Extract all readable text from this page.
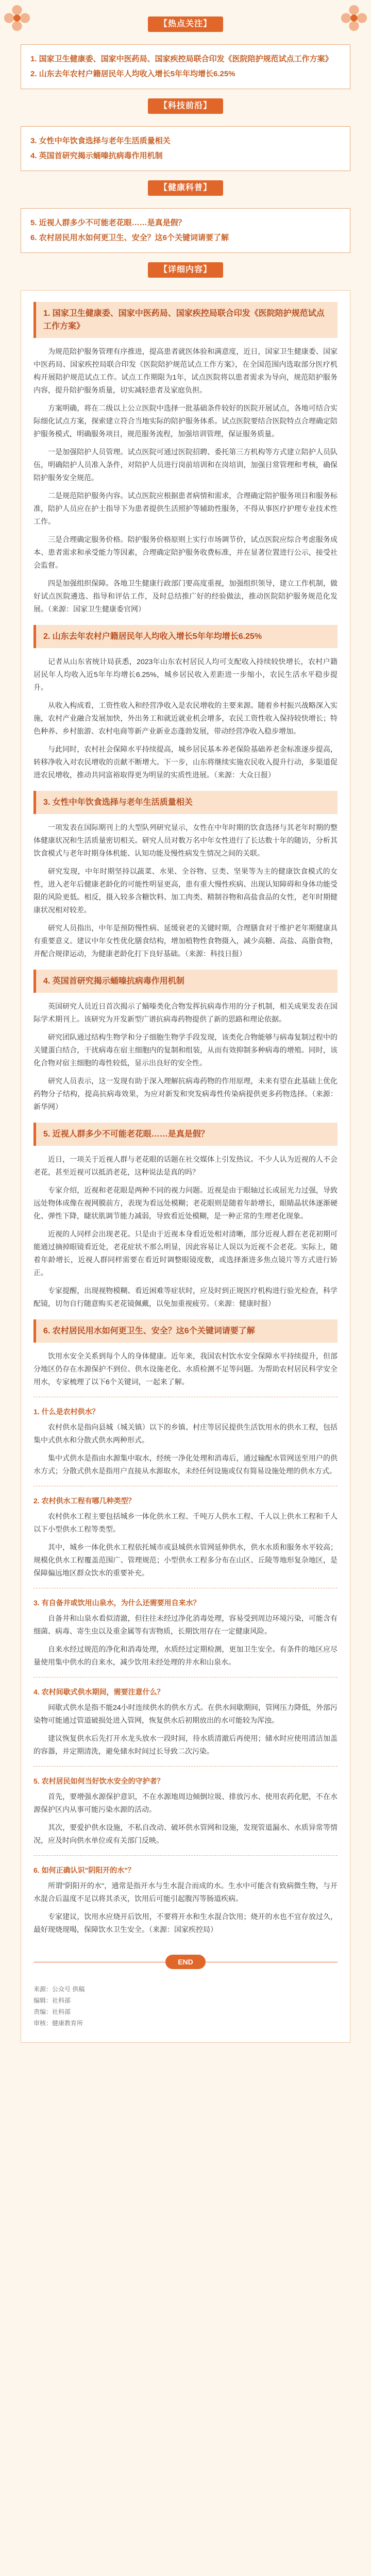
【热点关注】
1. 国家卫生健康委、国家中医药局、国家疾控局联合印发《医院陪护规范试点工作方案》
2. 山东去年农村户籍居民年人均收入增长5年年均增长6.25%
【科技前沿】
3. 女性中年饮食选择与老年生活质量相关
4. 英国首研究揭示蛹嗪抗病毒作用机制
【健康科普】
5. 近视人群多少不可能老花眼……是真是假？
6. 农村居民用水如何更卫生、安全？这6个关键词请要了解
【详细内容】
1. 国家卫生健康委、国家中医药局、国家疾控局联合印发《医院陪护规范试点工作方案》

为规范陪护服务管理有序推进，提高患者就医体验和满意度，近日，国家卫生健康委、国家中医药局、国家疾控局联合印发《医院陪护规范试点工作方案》，在全国范围内选取部分医疗机构开展陪护规范试点工作。试点工作期限为1年，试点医院将以患者需求为导向，规范陪护服务内容，提升陪护服务质量，切实减轻患者及家庭负担。

方案明确，将在二级以上公立医院中选择一批基础条件较好的医院开展试点，各地可结合实际细化试点方案，探索建立符合当地实际的陪护服务体系。试点医院要结合医院特点合理确定陪护服务模式，明确服务项目，规范服务流程，加强培训管理，保证服务质量。

一是加强陪护人员管理。试点医院可通过医院招聘、委托第三方机构等方式建立陪护人员队伍，明确陪护人员准入条件，对陪护人员进行岗前培训和在岗培训，加强日常管理和考核，确保陪护服务安全规范。

二是规范陪护服务内容。试点医院应根据患者病情和需求，合理确定陪护服务项目和服务标准，陪护人员应在护士指导下为患者提供生活照护等辅助性服务，不得从事医疗护理专业技术性工作。

三是合理确定服务价格。陪护服务价格原则上实行市场调节价，试点医院应综合考虑服务成本、患者需求和承受能力等因素，合理确定陪护服务收费标准，并在显著位置进行公示，接受社会监督。

四是加强组织保障。各地卫生健康行政部门要高度重视，加强组织领导，建立工作机制，做好试点医院遴选、指导和评估工作，及时总结推广好的经验做法，推动医院陪护服务规范化发展。（来源：国家卫生健康委官网）

2. 山东去年农村户籍居民年人均收入增长5年年均增长6.25%

记者从山东省统计局获悉，2023年山东农村居民人均可支配收入持续较快增长，农村户籍居民年人均收入近5年年均增长6.25%，城乡居民收入差距进一步缩小，农民生活水平稳步提升。

从收入构成看，工资性收入和经营净收入是农民增收的主要来源。随着乡村振兴战略深入实施，农村产业融合发展加快，外出务工和就近就业机会增多，农民工资性收入保持较快增长；特色种养、乡村旅游、农村电商等新产业新业态蓬勃发展，带动经营净收入稳步增加。

与此同时，农村社会保障水平持续提高，城乡居民基本养老保险基础养老金标准逐步提高，转移净收入对农民增收的贡献不断增大。下一步，山东将继续实施农民收入提升行动，多渠道促进农民增收，推动共同富裕取得更为明显的实质性进展。（来源：大众日报）

3. 女性中年饮食选择与老年生活质量相关

一项发表在国际期刊上的大型队列研究显示，女性在中年时期的饮食选择与其老年时期的整体健康状况和生活质量密切相关。研究人员对数万名中年女性进行了长达数十年的随访，分析其饮食模式与老年时期身体机能、认知功能及慢性病发生情况之间的关联。

研究发现，中年时期坚持以蔬菜、水果、全谷物、豆类、坚果等为主的健康饮食模式的女性，进入老年后健康老龄化的可能性明显更高，患有重大慢性疾病、出现认知障碍和身体功能受限的风险更低。相反，摄入较多含糖饮料、加工肉类、精制谷物和高盐食品的女性，老年时期健康状况相对较差。

研究人员指出，中年是预防慢性病、延缓衰老的关键时期，合理膳食对于维护老年期健康具有重要意义。建议中年女性优化膳食结构，增加植物性食物摄入，减少高糖、高盐、高脂食物，并配合规律运动，为健康老龄化打下良好基础。（来源：科技日报）

4. 英国首研究揭示蛹嗪抗病毒作用机制

英国研究人员近日首次揭示了蛹嗪类化合物发挥抗病毒作用的分子机制，相关成果发表在国际学术期刊上。该研究为开发新型广谱抗病毒药物提供了新的思路和理论依据。

研究团队通过结构生物学和分子细胞生物学手段发现，该类化合物能够与病毒复制过程中的关键蛋白结合，干扰病毒在宿主细胞内的复制和组装，从而有效抑制多种病毒的增殖。同时，该化合物对宿主细胞的毒性较低，显示出良好的安全性。

研究人员表示，这一发现有助于深入理解抗病毒药物的作用原理，未来有望在此基础上优化药物分子结构，提高抗病毒效果，为应对新发和突发病毒性传染病提供更多药物选择。（来源：新华网）

5. 近视人群多少不可能老花眼……是真是假？

近日，一项关于近视人群与老花眼的话题在社交媒体上引发热议。不少人认为近视的人不会老花，甚至近视可以抵消老花，这种说法是真的吗？

专家介绍，近视和老花眼是两种不同的视力问题。近视是由于眼轴过长或屈光力过强，导致远处物体成像在视网膜前方，表现为看远处模糊；老花眼则是随着年龄增长，眼睛晶状体逐渐硬化、弹性下降，睫状肌调节能力减弱，导致看近处模糊，是一种正常的生理老化现象。

近视的人同样会出现老花。只是由于近视本身看近处相对清晰，部分近视人群在老花初期可能通过摘掉眼镜看近处，老花症状不那么明显，因此容易让人误以为近视不会老花。实际上，随着年龄增长，近视人群同样需要在看近时调整眼镜度数，或选择渐进多焦点镜片等方式进行矫正。

专家提醒，出现视物模糊、看近困难等症状时，应及时到正规医疗机构进行验光检查，科学配镜，切勿自行随意购买老花镜佩戴，以免加重视疲劳。（来源：健康时报）

6. 农村居民用水如何更卫生、安全？这6个关键词请要了解

饮用水安全关系到每个人的身体健康。近年来，我国农村饮水安全保障水平持续提升，但部分地区仍存在水源保护不到位、供水设施老化、水质检测不足等问题。为帮助农村居民科学安全用水，专家梳理了以下6个关键词，一起来了解。

1. 什么是农村供水？

农村供水是指向县城（城关镇）以下的乡镇、村庄等居民提供生活饮用水的供水工程，包括集中式供水和分散式供水两种形式。

集中式供水是指由水源集中取水，经统一净化处理和消毒后，通过输配水管网送至用户的供水方式；分散式供水是指用户直接从水源取水，未经任何设施或仅有简易设施处理的供水方式。

2. 农村供水工程有哪几种类型？

农村供水工程主要包括城乡一体化供水工程、千吨万人供水工程、千人以上供水工程和千人以下小型供水工程等类型。

其中，城乡一体化供水工程依托城市或县城供水管网延伸供水，供水水质和服务水平较高；规模化供水工程覆盖范围广、管理规范；小型供水工程多分布在山区、丘陵等地形复杂地区，是保障偏远地区群众饮水的重要补充。

3. 有自备井或饮用山泉水，为什么还需要用自来水？

自备井和山泉水看似清澈，但往往未经过净化消毒处理，容易受到周边环境污染，可能含有细菌、病毒、寄生虫以及重金属等有害物质，长期饮用存在一定健康风险。

自来水经过规范的净化和消毒处理，水质经过定期检测，更加卫生安全。有条件的地区应尽量使用集中供水的自来水，减少饮用未经处理的井水和山泉水。

4. 农村间歇式供水期间，需要注意什么？

间歇式供水是指不能24小时连续供水的供水方式。在供水间歇期间，管网压力降低，外部污染物可能通过管道破损处进入管网，恢复供水后初期放出的水可能较为浑浊。

建议恢复供水后先打开水龙头放水一段时间，待水质清澈后再使用；储水时应使用清洁加盖的容器，并定期清洗，避免储水时间过长导致二次污染。

5. 农村居民如何当好饮水安全的守护者？

首先，要增强水源保护意识，不在水源地周边倾倒垃圾、排放污水、使用农药化肥，不在水源保护区内从事可能污染水源的活动。

其次，要爱护供水设施，不私自改动、破坏供水管网和设施，发现管道漏水、水质异常等情况，应及时向供水单位或有关部门反映。

6. 如何正确认识"阴阳开的水"？

所谓"阴阳开的水"，通常是指开水与生水混合而成的水。生水中可能含有致病微生物，与开水混合后温度不足以将其杀灭，饮用后可能引起腹泻等肠道疾病。

专家建议，饮用水应烧开后饮用，不要将开水和生水混合饮用；烧开的水也不宜存放过久，最好现烧现喝，保障饮水卫生安全。（来源：国家疾控局）

END
来源：公众号 供稿
编辑：社科部
责编：社科部
审核：健康教育所
